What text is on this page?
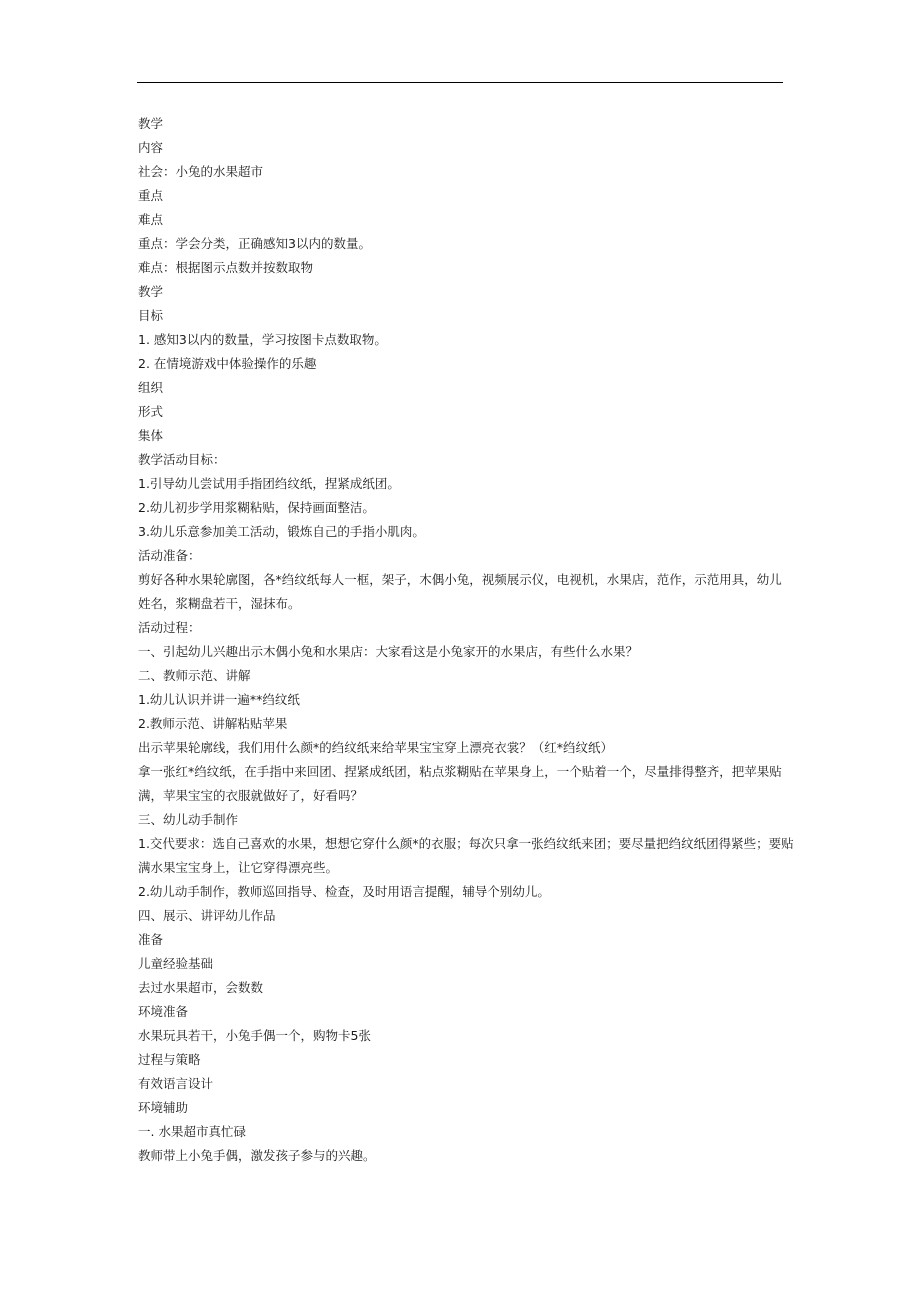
教学

内容

社会：小兔的水果超市

重点

难点

重点：学会分类，正确感知3以内的数量。

难点：根据图示点数并按数取物

教学

目标

1. 感知3以内的数量，学习按图卡点数取物。

2. 在情境游戏中体验操作的乐趣

组织

形式

集体

教学活动目标：

1.引导幼儿尝试用手指团绉纹纸，捏紧成纸团。

2.幼儿初步学用浆糊粘贴，保持画面整洁。

3.幼儿乐意参加美工活动，锻炼自己的手指小肌肉。

活动准备：

剪好各种水果轮廓图，各*绉纹纸每人一框，架子，木偶小兔，视频展示仪，电视机，水果店，范作，示范用具，幼儿

姓名，浆糊盘若干，湿抹布。

活动过程：

一、引起幼儿兴趣出示木偶小兔和水果店：大家看这是小兔家开的水果店，有些什么水果？

二、教师示范、讲解

1.幼儿认识并讲一遍**绉纹纸

2.教师示范、讲解粘贴苹果

出示苹果轮廓线，我们用什么颜*的绉纹纸来给苹果宝宝穿上漂亮衣裳？（红*绉纹纸）

拿一张红*绉纹纸，在手指中来回团、捏紧成纸团，粘点浆糊贴在苹果身上，一个贴着一个，尽量排得整齐，把苹果贴

满，苹果宝宝的衣服就做好了，好看吗？

三、幼儿动手制作

1.交代要求：选自己喜欢的水果，想想它穿什么颜*的衣服；每次只拿一张绉纹纸来团；要尽量把绉纹纸团得紧些；要贴

满水果宝宝身上，让它穿得漂亮些。

2.幼儿动手制作，教师巡回指导、检查，及时用语言提醒，辅导个别幼儿。

四、展示、讲评幼儿作品

准备

儿童经验基础

去过水果超市，会数数

环境准备

水果玩具若干，小兔手偶一个，购物卡5张

过程与策略

有效语言设计

环境辅助

一. 水果超市真忙碌

教师带上小兔手偶，激发孩子参与的兴趣。
